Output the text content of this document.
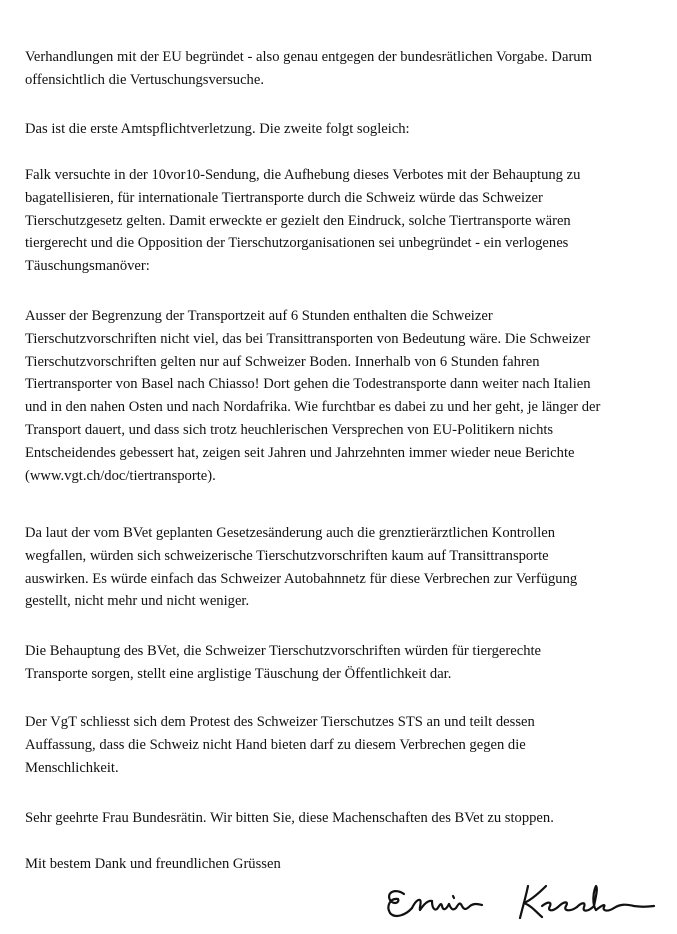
Verhandlungen mit der EU begründet - also genau entgegen der bundesrätlichen Vorgabe. Darum
offensichtlich die Vertuschungsversuche.
Das ist die erste Amtspflichtverletzung. Die zweite folgt sogleich:
Falk versuchte in der 10vor10-Sendung, die Aufhebung dieses Verbotes mit der Behauptung zu
bagatellisieren, für internationale Tiertransporte durch die Schweiz würde das Schweizer
Tierschutzgesetz gelten. Damit erweckte er gezielt den Eindruck, solche Tiertransporte wären
tiergerecht und die Opposition der Tierschutzorganisationen sei unbegründet - ein verlogenes
Täuschungsmanöver:
Ausser der Begrenzung der Transportzeit auf 6 Stunden enthalten die Schweizer
Tierschutzvorschriften nicht viel, das bei Transittransporten von Bedeutung wäre. Die Schweizer
Tierschutzvorschriften gelten nur auf Schweizer Boden. Innerhalb von 6 Stunden fahren
Tiertransporter von Basel nach Chiasso! Dort gehen die Todestransporte dann weiter nach Italien
und in den nahen Osten und nach Nordafrika. Wie furchtbar es dabei zu und her geht, je länger der
Transport dauert, und dass sich trotz heuchlerischen Versprechen von EU-Politikern nichts
Entscheidendes gebessert hat, zeigen seit Jahren und Jahrzehnten immer wieder neue Berichte
(www.vgt.ch/doc/tiertransporte).
Da laut der vom BVet geplanten Gesetzesänderung auch die grenztierärztlichen Kontrollen
wegfallen, würden sich schweizerische Tierschutzvorschriften kaum auf Transittransporte
auswirken. Es würde einfach das Schweizer Autobahnnetz für diese Verbrechen zur Verfügung
gestellt, nicht mehr und nicht weniger.
Die Behauptung des BVet, die Schweizer Tierschutzvorschriften würden für tiergerechte
Transporte sorgen, stellt eine arglistige Täuschung der Öffentlichkeit dar.
Der VgT schliesst sich dem Protest des Schweizer Tierschutzes STS an und teilt dessen
Auffassung, dass die Schweiz nicht Hand bieten darf zu diesem Verbrechen gegen die
Menschlichkeit.
Sehr geehrte Frau Bundesrätin. Wir bitten Sie, diese Machenschaften des BVet zu stoppen.
Mit bestem Dank und freundlichen Grüssen
